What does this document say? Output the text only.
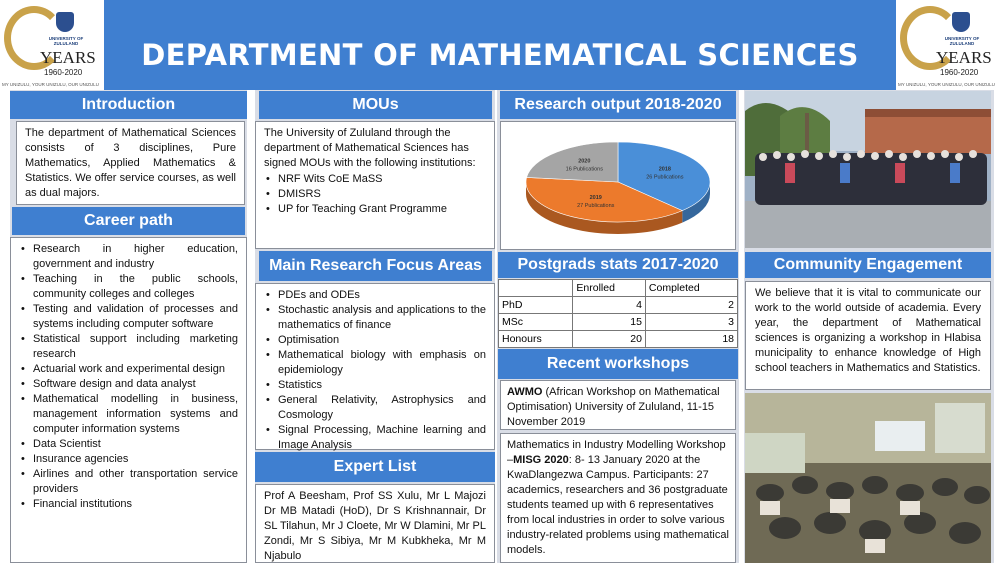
DEPARTMENT OF MATHEMATICAL SCIENCES
UNIVERSITY OF ZULULAND
YEARS
1960-2020
MY UNIZULU, YOUR UNIZULU, OUR UNIZULU
UNIVERSITY OF ZULULAND
YEARS
1960-2020
MY UNIZULU, YOUR UNIZULU, OUR UNIZULU
Introduction
The department of Mathematical Sciences consists of 3 disciplines, Pure Mathematics, Applied Mathematics & Statistics. We offer service courses, as well as dual majors.
Career path
• Research in higher education, government and industry
• Teaching in the public schools, community colleges and colleges
• Testing and validation of processes and systems including computer software
• Statistical support including marketing research
• Actuarial work and experimental design
• Software design and data analyst
• Mathematical modelling in business, management information systems and computer information systems
• Data Scientist
• Insurance agencies
• Airlines and other transportation service providers
• Financial institutions
MOUs
The University of Zululand through the department of Mathematical Sciences has signed MOUs with the following institutions:
• NRF Wits CoE MaSS
• DMISRS
• UP for Teaching Grant Programme
Main Research Focus Areas
• PDEs and ODEs
• Stochastic analysis and applications to the mathematics of finance
• Optimisation
• Mathematical biology with emphasis on epidemiology
• Statistics
• General Relativity, Astrophysics and Cosmology
• Signal Processing, Machine learning and Image Analysis
Expert List
Prof A Beesham, Prof SS Xulu, Mr L Majozi Dr MB Matadi (HoD), Dr S Krishnannair, Dr SL Tilahun, Mr J Cloete, Mr W Dlamini, Mr PL Zondi, Mr S Sibiya, Mr M Kubkheka, Mr M Njabulo
Research output 2018-2020
2018
26 Publications
2019
27 Publications
2020
16 Publications
Postgrads stats 2017-2020
	Enrolled	Completed
PhD	4	2
MSc	15	3
Honours	20	18
Recent workshops
AWMO (African Workshop on Mathematical Optimisation) University of Zululand, 11-15 November 2019
Mathematics in Industry Modelling Workshop –MISG 2020: 8- 13 January 2020 at the KwaDlangezwa Campus. Participants: 27 academics, researchers and 36 postgraduate students teamed up with 6 representatives from local industries in order to solve various industry-related problems using mathematical models.
Community Engagement
We believe that it is vital to communicate our work to the world outside of academia. Every year, the department of Mathematical sciences is organizing a workshop in Hlabisa municipality to enhance knowledge of High school teachers in Mathematics and Statistics.
